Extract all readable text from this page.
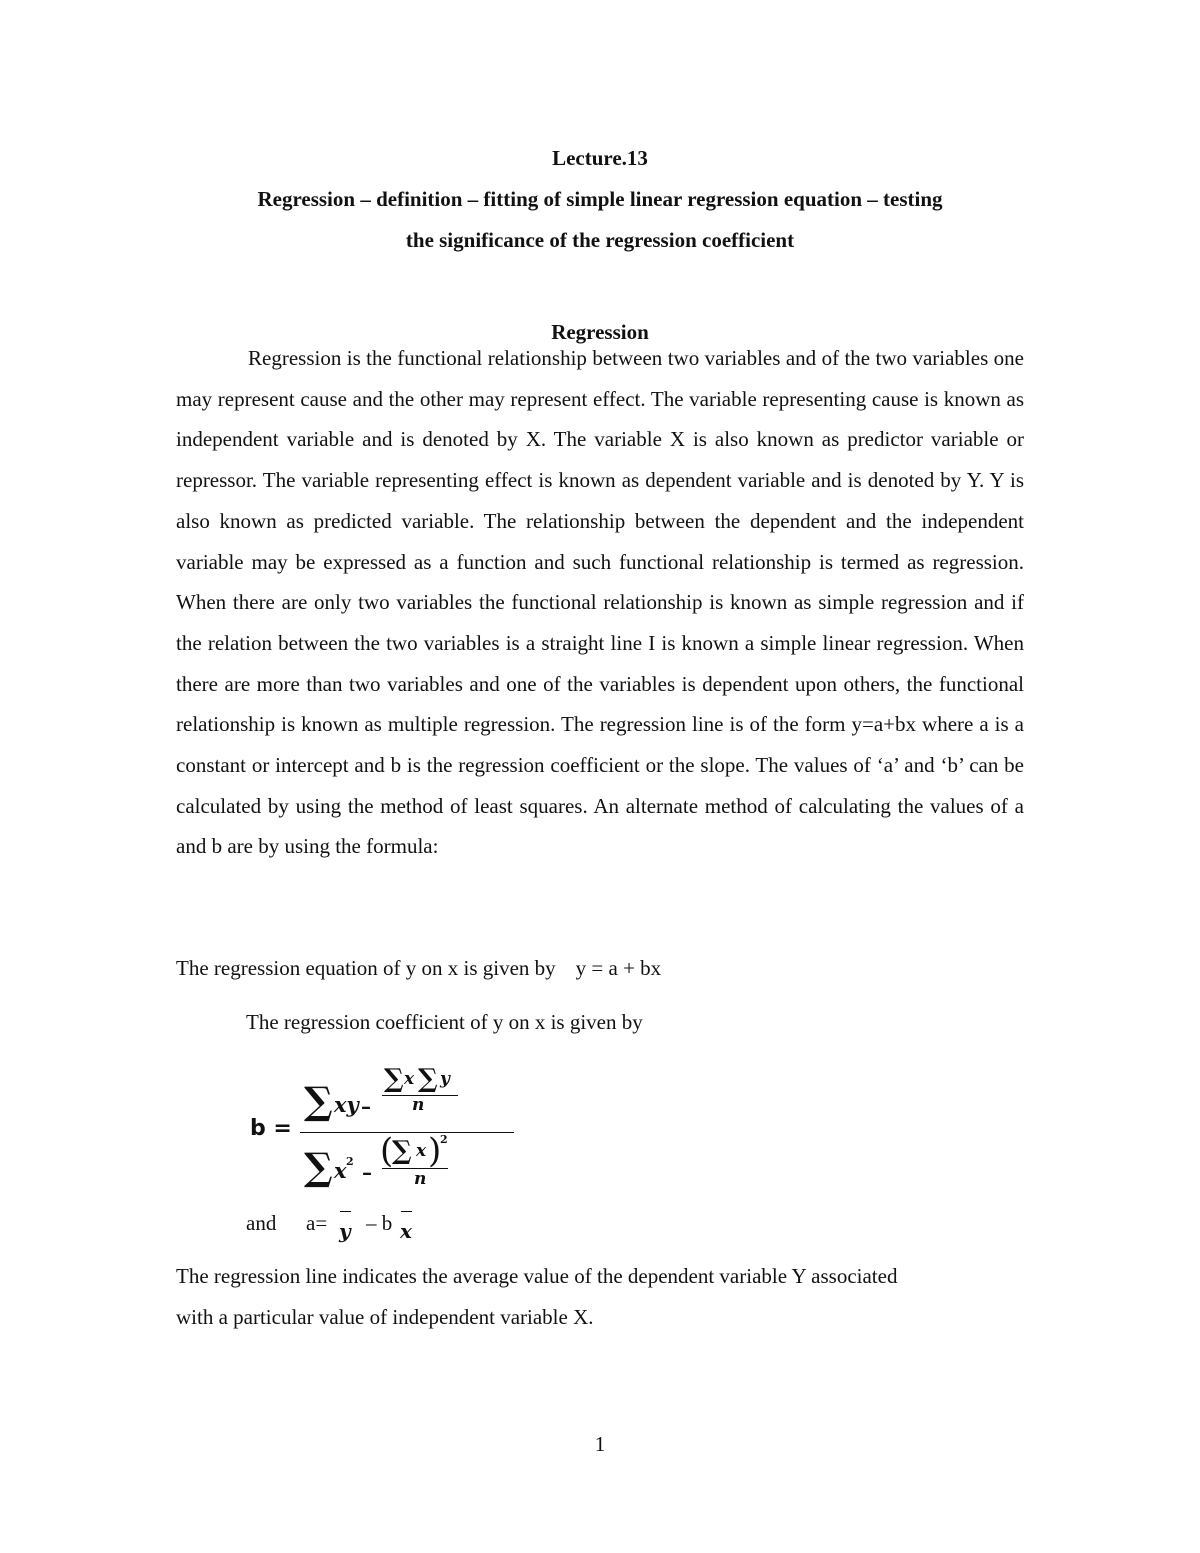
Lecture.13
Regression – definition – fitting of simple linear regression equation – testing
the significance of the regression coefficient
Regression

Regression is the functional relationship between two variables and of the two variables one may represent cause and the other may represent effect. The variable representing cause is known as independent variable and is denoted by X. The variable X is also known as predictor variable or repressor. The variable representing effect is known as dependent variable and is denoted by Y. Y is also known as predicted variable. The relationship between the dependent and the independent variable may be expressed as a function and such functional relationship is termed as regression. When there are only two variables the functional relationship is known as simple regression and if the relation between the two variables is a straight line I is known a simple linear regression. When there are more than two variables and one of the variables is dependent upon others, the functional relationship is known as multiple regression. The regression line is of the form y=a+bx where a is a constant or intercept and b is the regression coefficient or the slope. The values of ‘a’ and ‘b’ can be calculated by using the method of least squares. An alternate method of calculating the values of a and b are by using the formula:

The regression equation of y on x is given by y = a + bx
The regression coefficient of y on x is given by
b =
∑ xy –
∑ x ∑ y
n
∑ x 2 –
(
∑ x )
2
n
and a= y – b x
The regression line indicates the average value of the dependent variable Y associated
with a particular value of independent variable X.
1
